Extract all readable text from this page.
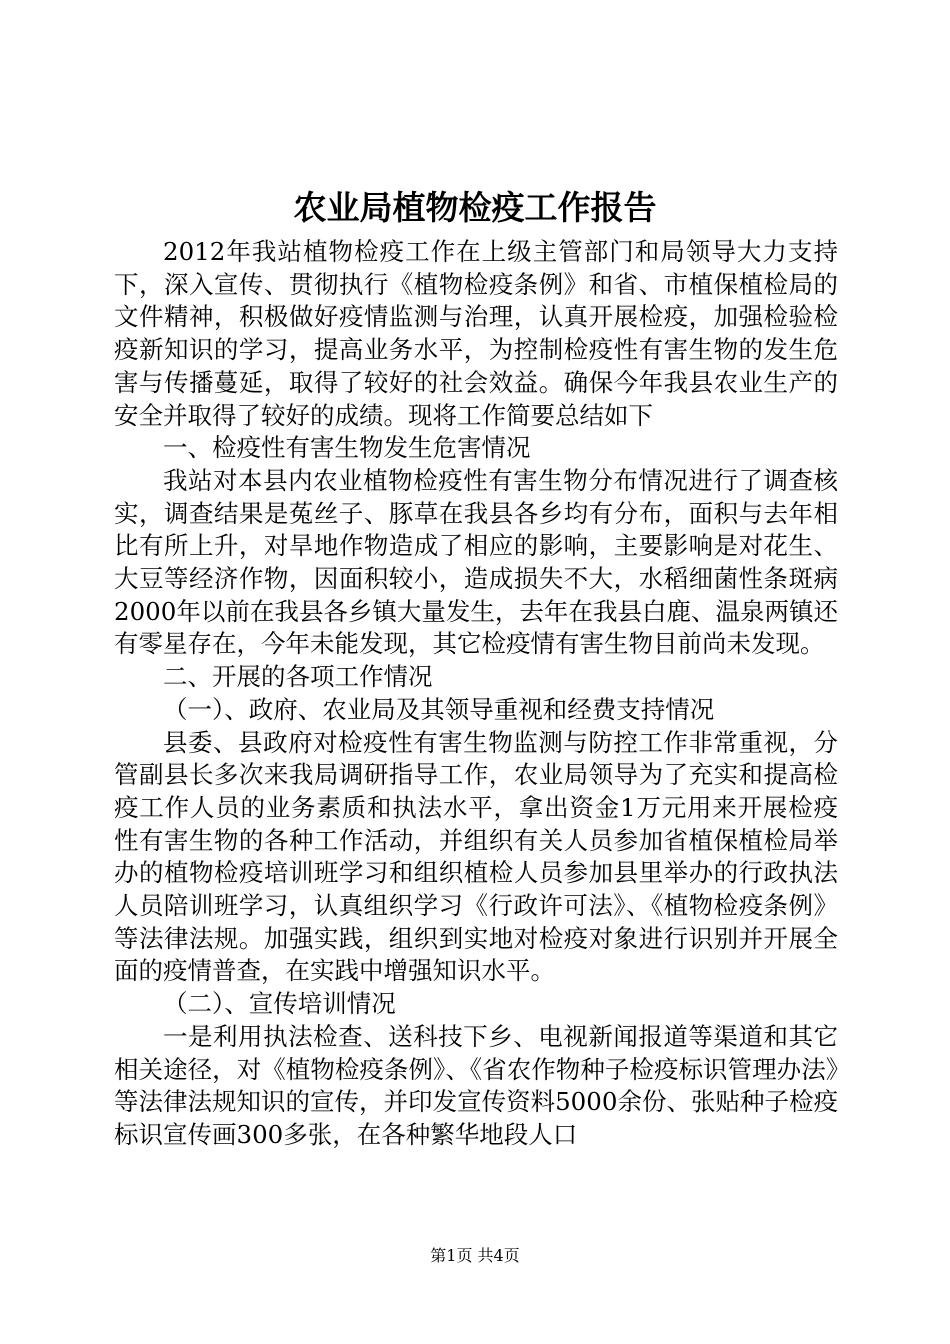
农业局植物检疫工作报告

2012年我站植物检疫工作在上级主管部门和局领导大力支持下，深入宣传、贯彻执行《植物检疫条例》和省、市植保植检局的文件精神，积极做好疫情监测与治理，认真开展检疫，加强检验检疫新知识的学习，提高业务水平，为控制检疫性有害生物的发生危害与传播蔓延，取得了较好的社会效益。确保今年我县农业生产的安全并取得了较好的成绩。现将工作简要总结如下

一、检疫性有害生物发生危害情况

我站对本县内农业植物检疫性有害生物分布情况进行了调查核实，调查结果是菟丝子、豚草在我县各乡均有分布，面积与去年相比有所上升，对旱地作物造成了相应的影响，主要影响是对花生、大豆等经济作物，因面积较小，造成损失不大，水稻细菌性条斑病2000年以前在我县各乡镇大量发生，去年在我县白鹿、温泉两镇还有零星存在，今年未能发现，其它检疫情有害生物目前尚未发现。

二、开展的各项工作情况

（一）、政府、农业局及其领导重视和经费支持情况

县委、县政府对检疫性有害生物监测与防控工作非常重视，分管副县长多次来我局调研指导工作，农业局领导为了充实和提高检疫工作人员的业务素质和执法水平，拿出资金1万元用来开展检疫性有害生物的各种工作活动，并组织有关人员参加省植保植检局举办的植物检疫培训班学习和组织植检人员参加县里举办的行政执法人员陪训班学习，认真组织学习《行政许可法》、《植物检疫条例》等法律法规。加强实践，组织到实地对检疫对象进行识别并开展全面的疫情普查，在实践中增强知识水平。

（二）、宣传培训情况

一是利用执法检查、送科技下乡、电视新闻报道等渠道和其它相关途径，对《植物检疫条例》、《省农作物种子检疫标识管理办法》等法律法规知识的宣传，并印发宣传资料5000余份、张贴种子检疫标识宣传画300多张，在各种繁华地段人口

第1页 共4页
